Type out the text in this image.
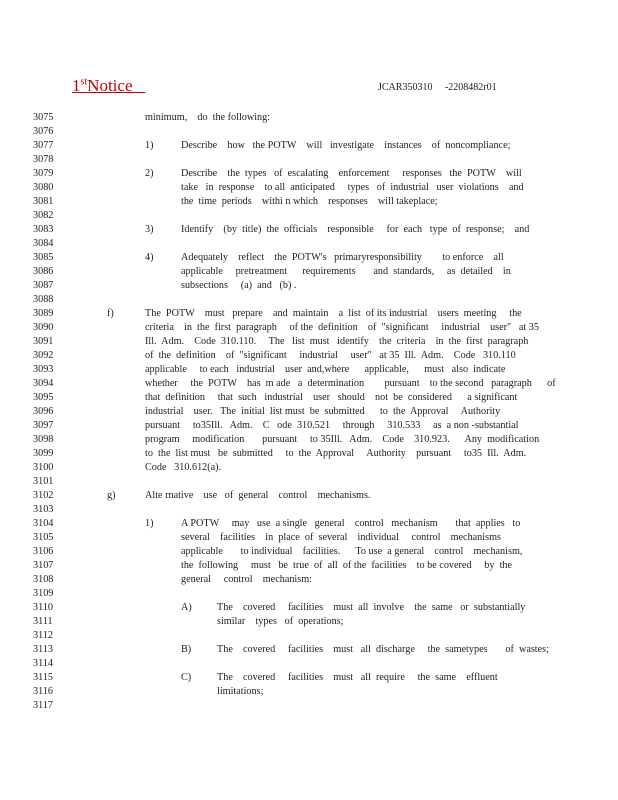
1stNotice	JCAR350310     -2208482r01
3075	minimum,    do  the following:
3076
3077	1)	Describe    how   the POTW    will   investigate    instances    of  noncompliance;
3078
3079	2)	Describe    the  types   of  escalating    enforcement     responses   the  POTW    will
3080	take   in  response    to all  anticipated     types   of  industrial   user  violations    and
3081	the  time  periods    withi n which    responses    will takeplace;
3082
3083	3)	Identify    (by  title)  the  officials    responsible     for  each   type  of  response;    and
3084
3085	4)	Adequately    reflect    the  POTW's   primaryresponsibility        to enforce    all
3086	applicable     pretreatment      requirements       and  standards,     as  detailed    in
3087	subsections     (a)  and   (b) .
3088
3089	f)	The  POTW    must   prepare    and  maintain    a  list  of its industrial    users  meeting     the
3090	criteria    in  the  first  paragraph     of the  definition    of  "significant     industrial    user"   at 35
3091	Ill.  Adm.    Code  310.110.     The   list  must   identify    the  criteria    in  the  first  paragraph
3092	of  the  definition    of  "significant     industrial     user"   at 35  Ill.  Adm.    Code   310.110
3093	applicable     to each   industrial    user  and,where      applicable,      must   also  indicate
3094	whether     the  POTW    has  m ade   a  determination        pursuant    to the second   paragraph      of
3095	that  definition     that  such   industrial    user   should    not  be  considered      a significant
3096	industrial    user.   The  initial  list must  be  submitted      to  the  Approval     Authority
3097	pursuant     to35Ill.   Adm.    C   ode  310.521     through     310.533     as  a non -substantial
3098	program     modification       pursuant     to 35Ill.   Adm.    Code    310.923.      Any  modification
3099	to  the  list must   be  submitted     to  the  Approval     Authority    pursuant     to35  Ill.  Adm.
3100	Code   310.612(a).
3101
3102	g)	Alte rnative    use   of  general    control    mechanisms.
3103
3104	1)	A POTW     may   use  a single   general    control   mechanism       that  applies   to
3105	several    facilities    in  place  of  several    individual     control    mechanisms
3106	applicable       to individual    facilities.      To use  a general    control    mechanism,
3107	the  following     must   be  true  of  all  of the  facilities    to be covered     by  the
3108	general     control    mechanism:
3109
3110	A) The    covered     facilities    must  all  involve    the  same   or  substantially
3111	similar    types   of  operations;
3112
3113	B)	The    covered     facilities    must   all  discharge     the  sametypes       of  wastes;
3114
3115	C)	The    covered     facilities    must   all  require     the  same    effluent
3116	limitations;
3117
